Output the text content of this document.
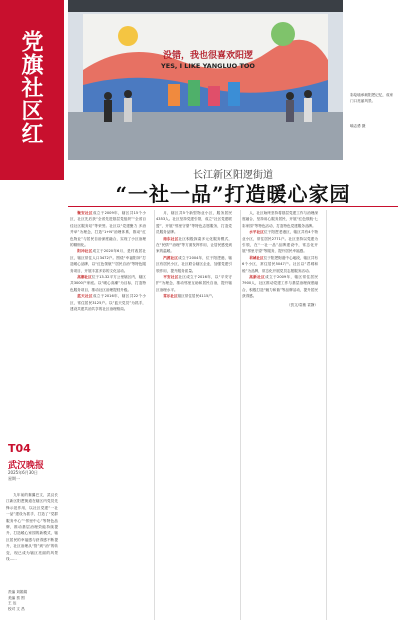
党旗社区红

九年前的秦翼巴文，武汉长江新区阳逻街道在辖区内党员先锋示范作用，以社区党建“一社一品”建设为抓手，打造了“党群服务中心”“邻里中心”等特色品牌，推动基层治理效能持续提升，打造暖心家园的新模式，辖区居民的幸福感与获得感不断提升，社区治理从“管”到“治”的转变，现已成为辖区亮丽的风景线……

T04
武汉晚报
2025年6月30日
星期一
责编 刘娟娟
美编 蔡 围
王 达
校对 文 昌
没错，我也很喜欢阳逻
YES, I LIKE YANGLUO TOO
彩绘墙承载阳逻记忆，成家门口亮丽风景。
喻志勇 摄
长江新区阳逻街道
“一社一品”打造暖心家园

聚安社区成立于2009年，辖区共15个小区，社区先后获“全省先进基层党组织”“全省百佳社区服务站”等荣誉。社区以“党建聚力 多治并举”为理念，打造“1+N”治理体系，推动“红色物业”与居民自治深度融合，实现了小区治理的精细化。

阳冲社区成立于2020年6月，是村改居社区，辖区常住人口3472户。围绕“幸福阳冲”打造暖心品牌，以“红色领航”“居民自治”等特色服务项目，开展丰富多彩的文化活动。

高潮社区位于13.32平方公里辖区内，辖区共3000户家庭。以“暖心高潮”为目标，打造特色服务项目，推动社区治理提档升级。

蓝天社区成立于2016年，辖区共22个小区，常住居民3125户。以“蓝天党员”为抓手，建设共建共治共享的社区治理格局。

月，辖区共5个新型物业小区，服务居民4353人。社区坚持党建引领，成立“社区党建联盟”，开展“邻里守望”等特色志愿服务，打造党员服务品牌。

南东社区社区积极探索多元化服务模式，在“民情”“治理”等方面发挥作用，让居民感受到家的温暖。

汽渡社区成立于2004年，位于阳逻港，辖区有居民小区，社区联合辖区企业，加强党建引领作用，提升服务质量。

平安社区社区成立于2016年，以“平安守护”为理念，推动邻里互助和居民自治，提升辖区治理水平。

常乐社区辖区常住居民4115户。

人，社区始终坚持将基层党建工作与治理深度融合，坚持用心服务居民，开展“红色领航·七彩家园”等特色活动，打造特色党建服务品牌。

水平社区位于阳逻老港区，辖区共有4个物业小区，常住居民2771户。社区坚持以党建为引领，在“一社一品”品牌建设中，常态化开展“邻里守望”等服务，提升居民幸福感。

君城社区位于阳逻街道中心地段，辖区共有6个小区，常住居民5047户。社区以“君城和睦”为品牌，常态化开展党员志愿服务活动。

高新社区成立于2009年，辖区常住居民7900人，社区推动党建工作与基层治理深度融合，积极打造“魅力和谐”等品牌活动，提升居民获得感。

（贺文/袁敏 袁静）
